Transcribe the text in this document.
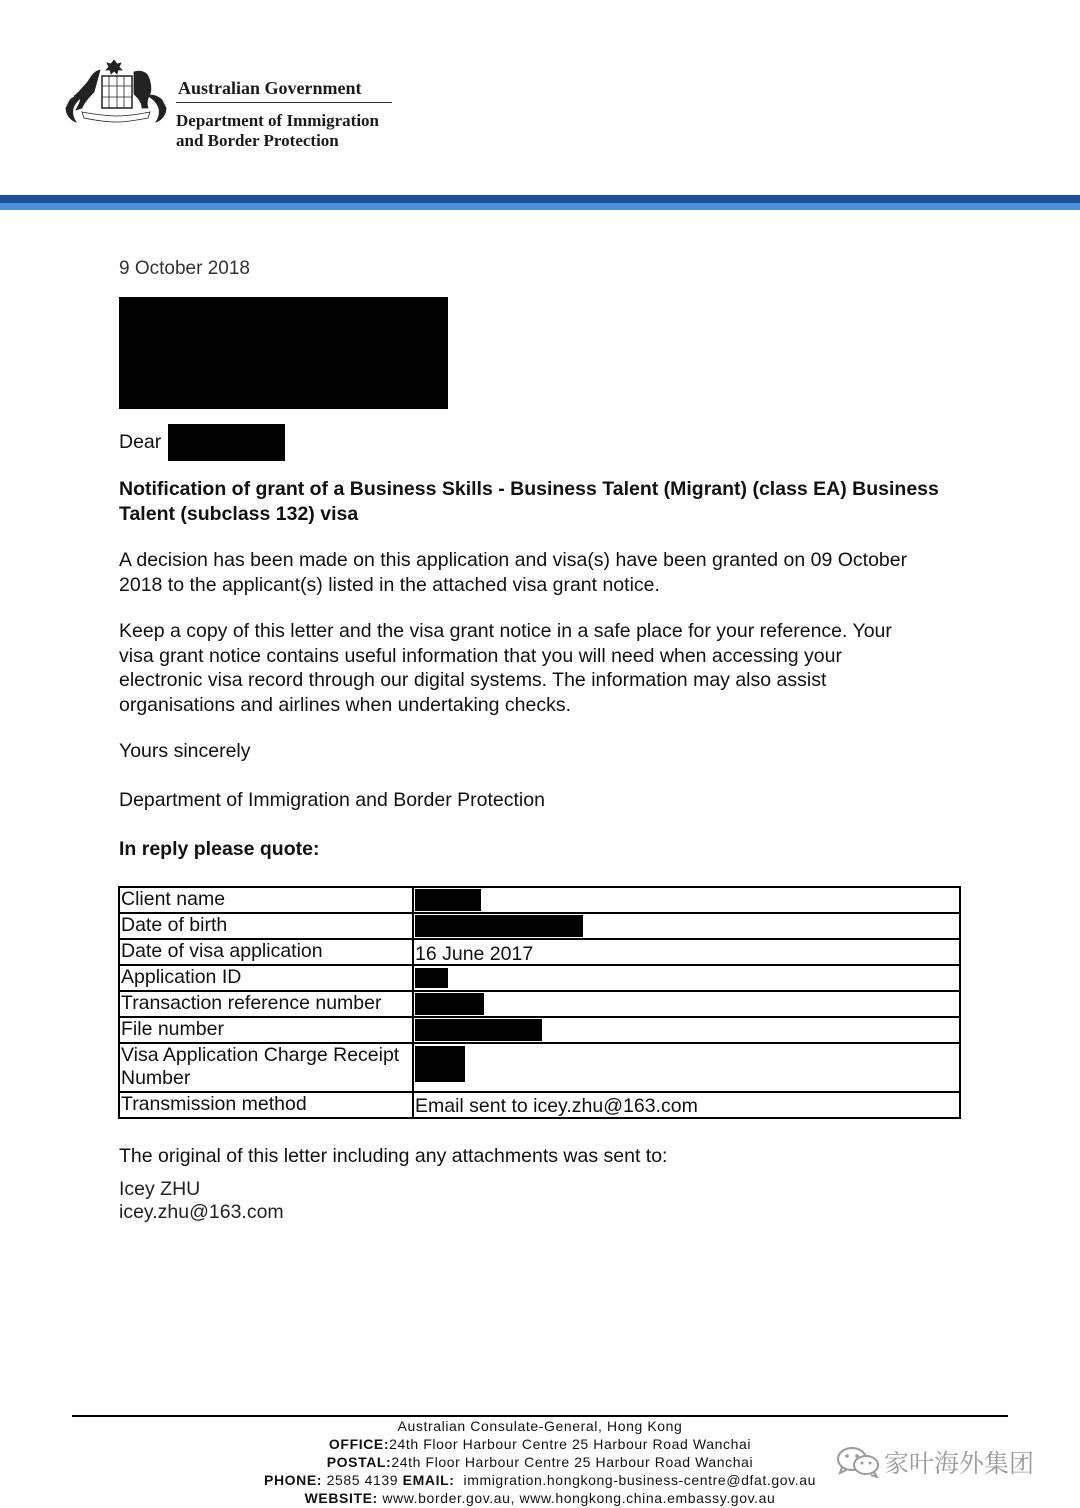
Australian Government
Department of Immigration
and Border Protection
9 October 2018
Dear
Notification of grant of a Business Skills - Business Talent (Migrant) (class EA) Business Talent (subclass 132) visa
A decision has been made on this application and visa(s) have been granted on 09 October 2018 to the applicant(s) listed in the attached visa grant notice.
Keep a copy of this letter and the visa grant notice in a safe place for your reference. Your visa grant notice contains useful information that you will need when accessing your electronic visa record through our digital systems. The information may also assist organisations and airlines when undertaking checks.
Yours sincerely
Department of Immigration and Border Protection
In reply please quote:
Client name	
Date of birth	
Date of visa application	16 June 2017
Application ID	
Transaction reference number	
File number	
Visa Application Charge Receipt Number	
Transmission method	Email sent to icey.zhu@163.com
The original of this letter including any attachments was sent to:
Icey ZHU
icey.zhu@163.com
Australian Consulate-General, Hong Kong
OFFICE:24th Floor Harbour Centre 25 Harbour Road Wanchai
POSTAL:24th Floor Harbour Centre 25 Harbour Road Wanchai
PHONE: 2585 4139 EMAIL: immigration.hongkong-business-centre@dfat.gov.au
WEBSITE: www.border.gov.au, www.hongkong.china.embassy.gov.au
家叶海外集团
